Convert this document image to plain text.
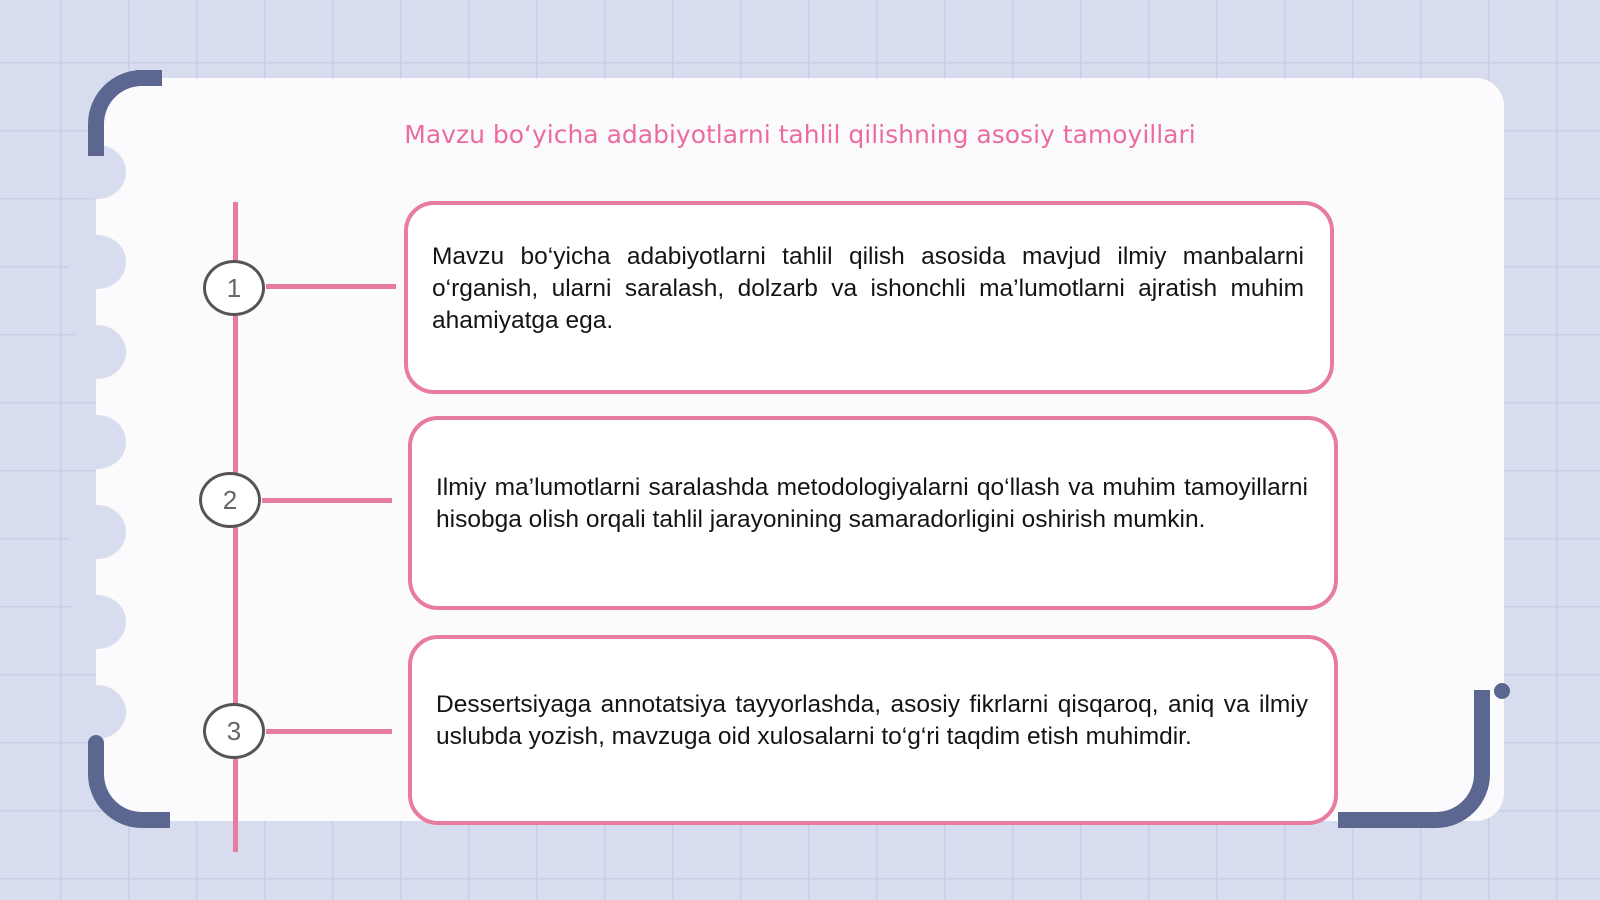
Mavzu boʻyicha adabiyotlarni tahlil qilishning asosiy tamoyillari
1

Mavzu bo‘yicha adabiyotlarni tahlil qilish asosida mavjud ilmiy manbalarni o‘rganish, ularni saralash, dolzarb va ishonchli ma’lumotlarni ajratish muhim ahamiyatga ega.

2	Ilmiy ma’lumotlarni saralashda metodologiyalarni qo‘llash va muhim tamoyillarni hisobga olish orqali tahlil jarayonining samaradorligini oshirish mumkin.

3

Dessertsiyaga annotatsiya tayyorlashda, asosiy fikrlarni qisqaroq, aniq va ilmiy uslubda yozish, mavzuga oid xulosalarni to‘g‘ri taqdim etish muhimdir.
